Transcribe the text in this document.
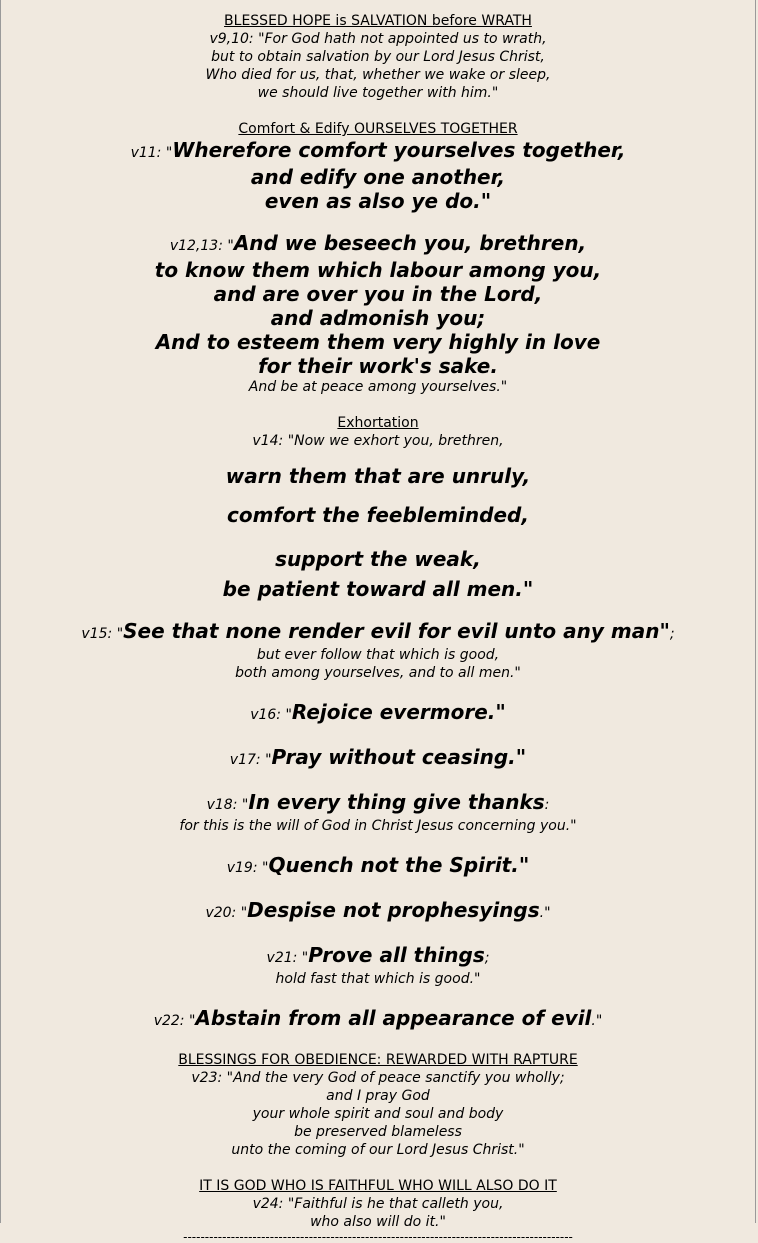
BLESSED HOPE is SALVATION before WRATH
v9,10: "For God hath not appointed us to wrath,
but to obtain salvation by our Lord Jesus Christ,
Who died for us, that, whether we wake or sleep,
we should live together with him."
Comfort & Edify OURSELVES TOGETHER
v11: "Wherefore comfort yourselves together,
and edify one another,
even as also ye do."
v12,13: "And we beseech you, brethren,
to know them which labour among you,
and are over you in the Lord,
and admonish you;
And to esteem them very highly in love
for their work's sake.
And be at peace among yourselves."
Exhortation
v14: "Now we exhort you, brethren,
warn them that are unruly,
comfort the feebleminded,
support the weak,
be patient toward all men."
v15: "See that none render evil for evil unto any man";
but ever follow that which is good,
both among yourselves, and to all men."
v16: "Rejoice evermore."
v17: "Pray without ceasing."
v18: "In every thing give thanks:
for this is the will of God in Christ Jesus concerning you."
v19: "Quench not the Spirit."
v20: "Despise not prophesyings."
v21: "Prove all things;
hold fast that which is good."
v22: "Abstain from all appearance of evil."
BLESSINGS FOR OBEDIENCE: REWARDED WITH RAPTURE
v23: "And the very God of peace sanctify you wholly;
and I pray God
your whole spirit and soul and body
be preserved blameless
unto the coming of our Lord Jesus Christ."
IT IS GOD WHO IS FAITHFUL WHO WILL ALSO DO IT
v24: "Faithful is he that calleth you,
who also will do it."
------------------------------------------------------------------------------------------
